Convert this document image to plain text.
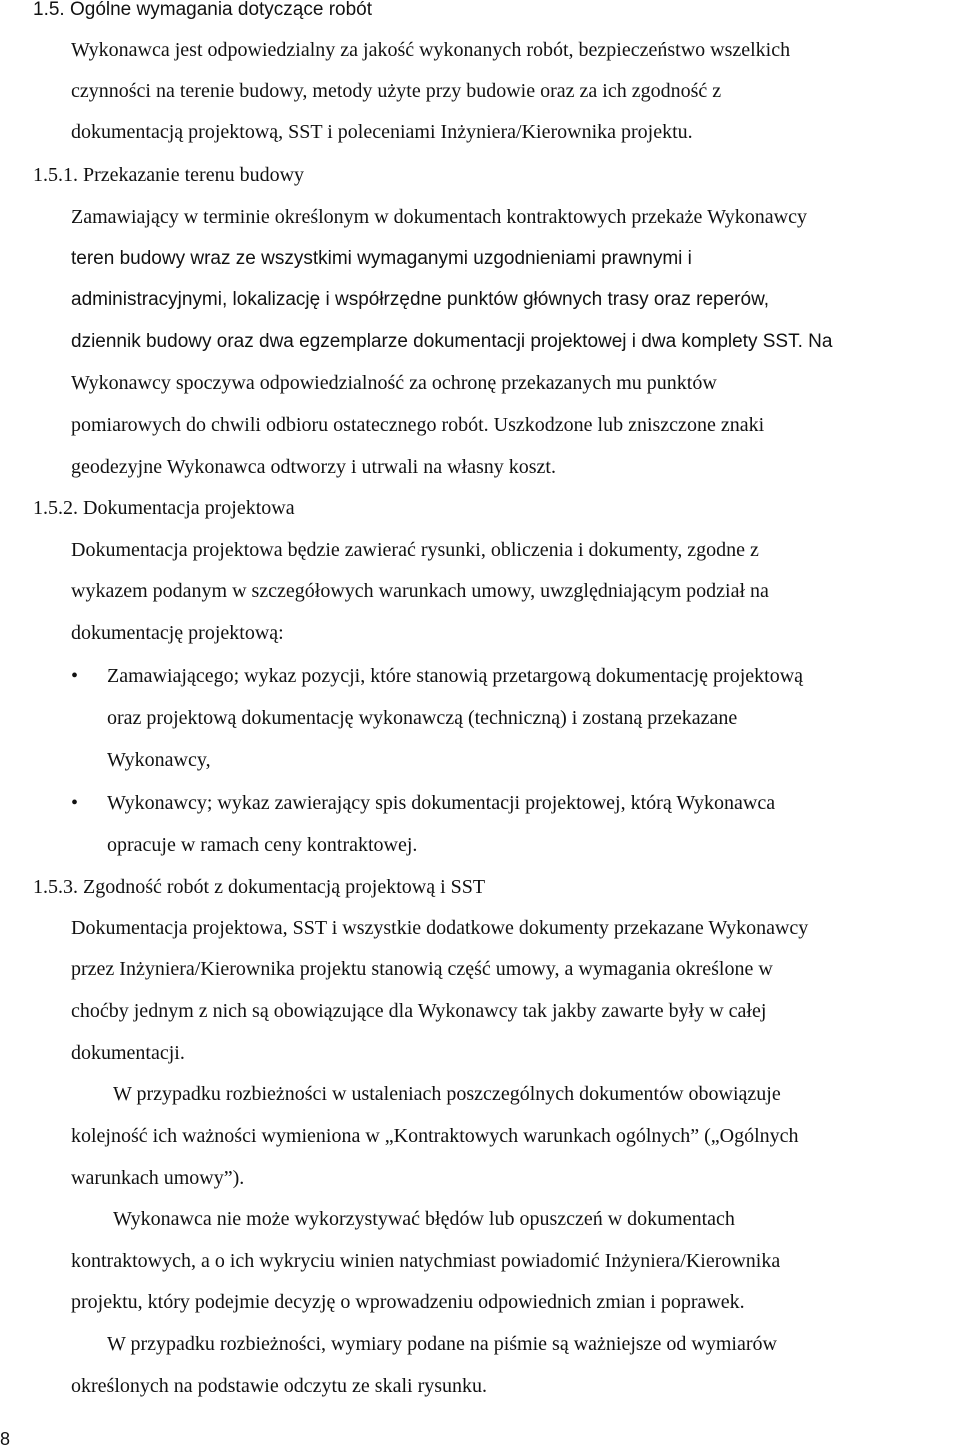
1.5. Ogólne wymagania dotyczące robót
Wykonawca jest odpowiedzialny za jakość wykonanych robót, bezpieczeństwo wszelkich
czynności na terenie budowy, metody użyte przy budowie oraz za ich zgodność z
dokumentacją projektową, SST i poleceniami Inżyniera/Kierownika projektu.
1.5.1. Przekazanie terenu budowy
Zamawiający w terminie określonym w dokumentach kontraktowych przekaże Wykonawcy
teren budowy wraz ze wszystkimi wymaganymi uzgodnieniami prawnymi i
administracyjnymi, lokalizację i współrzędne punktów głównych trasy oraz reperów,
dziennik budowy oraz dwa egzemplarze dokumentacji projektowej i dwa komplety SST. Na
Wykonawcy spoczywa odpowiedzialność za ochronę przekazanych mu punktów
pomiarowych do chwili odbioru ostatecznego robót. Uszkodzone lub zniszczone znaki
geodezyjne Wykonawca odtworzy i utrwali na własny koszt.
1.5.2. Dokumentacja projektowa
Dokumentacja projektowa będzie zawierać rysunki, obliczenia i dokumenty, zgodne z
wykazem podanym w szczegółowych warunkach umowy, uwzględniającym podział na
dokumentację projektową:
• Zamawiającego; wykaz pozycji, które stanowią przetargową dokumentację projektową
oraz projektową dokumentację wykonawczą (techniczną) i zostaną przekazane
Wykonawcy,
• Wykonawcy; wykaz zawierający spis dokumentacji projektowej, którą Wykonawca
opracuje w ramach ceny kontraktowej.
1.5.3. Zgodność robót z dokumentacją projektową i SST
Dokumentacja projektowa, SST i wszystkie dodatkowe dokumenty przekazane Wykonawcy
przez Inżyniera/Kierownika projektu stanowią część umowy, a wymagania określone w
choćby jednym z nich są obowiązujące dla Wykonawcy tak jakby zawarte były w całej
dokumentacji.
W przypadku rozbieżności w ustaleniach poszczególnych dokumentów obowiązuje
kolejność ich ważności wymieniona w „Kontraktowych warunkach ogólnych” („Ogólnych
warunkach umowy”).
Wykonawca nie może wykorzystywać błędów lub opuszczeń w dokumentach
kontraktowych, a o ich wykryciu winien natychmiast powiadomić Inżyniera/Kierownika
projektu, który podejmie decyzję o wprowadzeniu odpowiednich zmian i poprawek.
W przypadku rozbieżności, wymiary podane na piśmie są ważniejsze od wymiarów
określonych na podstawie odczytu ze skali rysunku.
8
